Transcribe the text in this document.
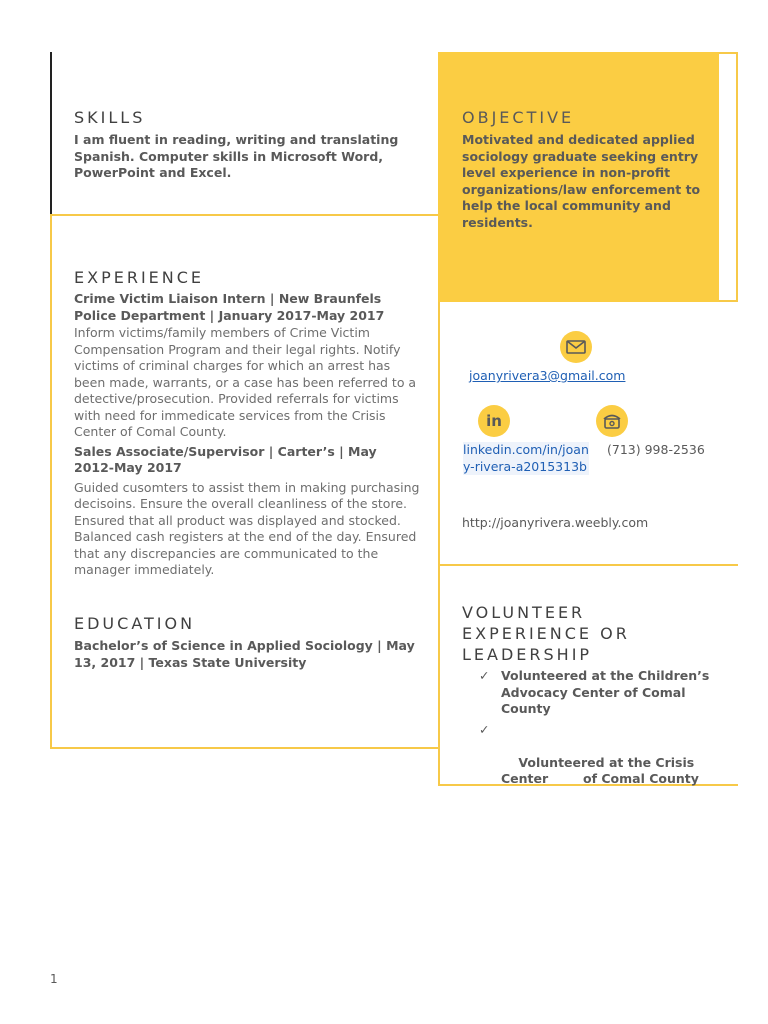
SKILLS
I am fluent in reading, writing and translating Spanish. Computer skills in Microsoft Word, PowerPoint and Excel.
OBJECTIVE
Motivated and dedicated applied sociology graduate seeking entry level experience in non-profit organizations/law enforcement to help the local community and residents.
EXPERIENCE
Crime Victim Liaison Intern | New Braunfels Police Department | January 2017-May 2017
Inform victims/family members of Crime Victim Compensation Program and their legal rights. Notify victims of criminal charges for which an arrest has been made, warrants, or a case has been referred to a detective/prosecution. Provided referrals for victims with need for immedicate services from the Crisis Center of Comal County.
Sales Associate/Supervisor | Carter’s | May 2012-May 2017
Guided cusomters to assist them in making purchasing decisoins. Ensure the overall cleanliness of the store. Ensured that all product was displayed and stocked. Balanced cash registers at the end of the day. Ensured that any discrepancies are communicated to the manager immediately.
EDUCATION
Bachelor’s of Science in Applied Sociology | May 13, 2017 | Texas State University
joanyrivera3@gmail.com
in
linkedin.com/in/joan
y-rivera-a2015313b
(713) 998-2536
http://joanyrivera.weebly.com
VOLUNTEER
EXPERIENCE OR
LEADERSHIP
✓ Volunteered at the Children’s Advocacy Center of Comal County

✓

Volunteered at the Crisis Center        of Comal County

1
